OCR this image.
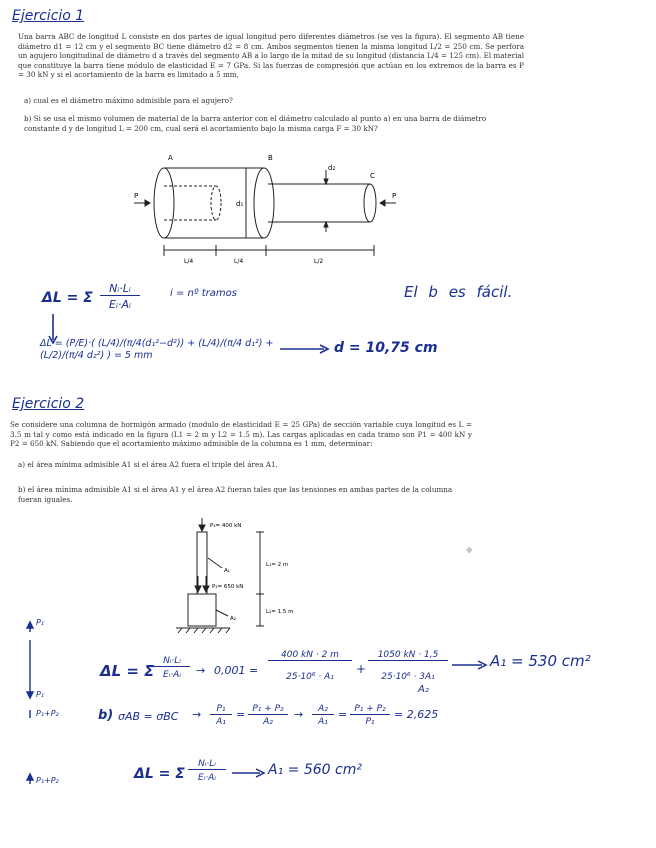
Ejercicio 1
Una barra ABC de longitud L consiste en dos partes de igual longitud pero diferentes diámetros (se ves la figura). El segmento AB tiene diámetro d1 = 12 cm y el segmento BC tiene diámetro d2 = 8 cm. Ambos segmentos tienen la misma longitud L/2 = 250 cm. Se perfora un agujero longitudinal de diámetro d a través del segmento AB a lo largo de la mitad de su longitud (distancia L/4 = 125 cm). El material que constituye la barra tiene módulo de elasticidad E = 7 GPa. Si las fuerzas de compresión que actúan en los extremos de la barra es P = 30 kN y si el acortamiento de la barra es limitado a 5 mm,
a) cual es el diámetro máximo admisible para el agujero?
b) Si se usa el mismo volumen de material de la barra anterior con el diámetro calculado al punto a) en una barra de diámetro constante d y de longitud L = 200 cm, cual será el acortamiento bajo la misma carga F = 30 kN?
A	B
C
P	P
d₁
d₂
L/4	L/4	L/2
ΔL = Σ
Nᵢ·Lᵢ
Eᵢ·Aᵢ
i = nº tramos	El b es fácil.
ΔL = (P/E)·( (L/4)/(π/4(d₁²−d²)) + (L/4)/(π/4 d₁²) + (L/2)/(π/4 d₂²) ) = 5 mm	d = 10,75 cm
Ejercicio 2
Se considere una columna de hormigón armado (modulo de elasticidad E = 25 GPa) de sección variable cuya longitud es L = 3.5 m tal y como está indicado en la figura (L1 = 2 m y L2 = 1.5 m). Las cargas aplicadas en cada tramo son P1 = 400 kN y P2 = 650 kN. Sabiendo que el acortamiento máximo admisible de la columna es 1 mm, determinar:
a) el área mínima admisible A1 si el área A2 fuera el triple del área A1.
b) el área mínima admisible A1 si el área A1 y el área A2 fueran tales que las tensiones en ambas partes de la columna fueran iguales.
P₁= 400 kN
P₂= 650 kN
A₁
A₂
L₁= 2 m
L₂= 1.5 m
✥
P₁
P₁
P₁+P₂
P₁+P₂
ΔL = Σ
Nᵢ·Lᵢ
Eᵢ·Aᵢ	→ 0,001 =
400 kN · 2 m
25·10⁶ · A₁
+
1050 kN · 1,5
25·10⁶ · 3A₁
A₂
A₁ = 530 cm²
b) σAB = σBC →	P₁
A₁
= P₁ + P₂
A₂
→	A₂
A₁
= P₁ + P₂
P₁
= 2,625
ΔL = Σ
Nᵢ·Lᵢ
Eᵢ·Aᵢ	A₁ = 560 cm²
